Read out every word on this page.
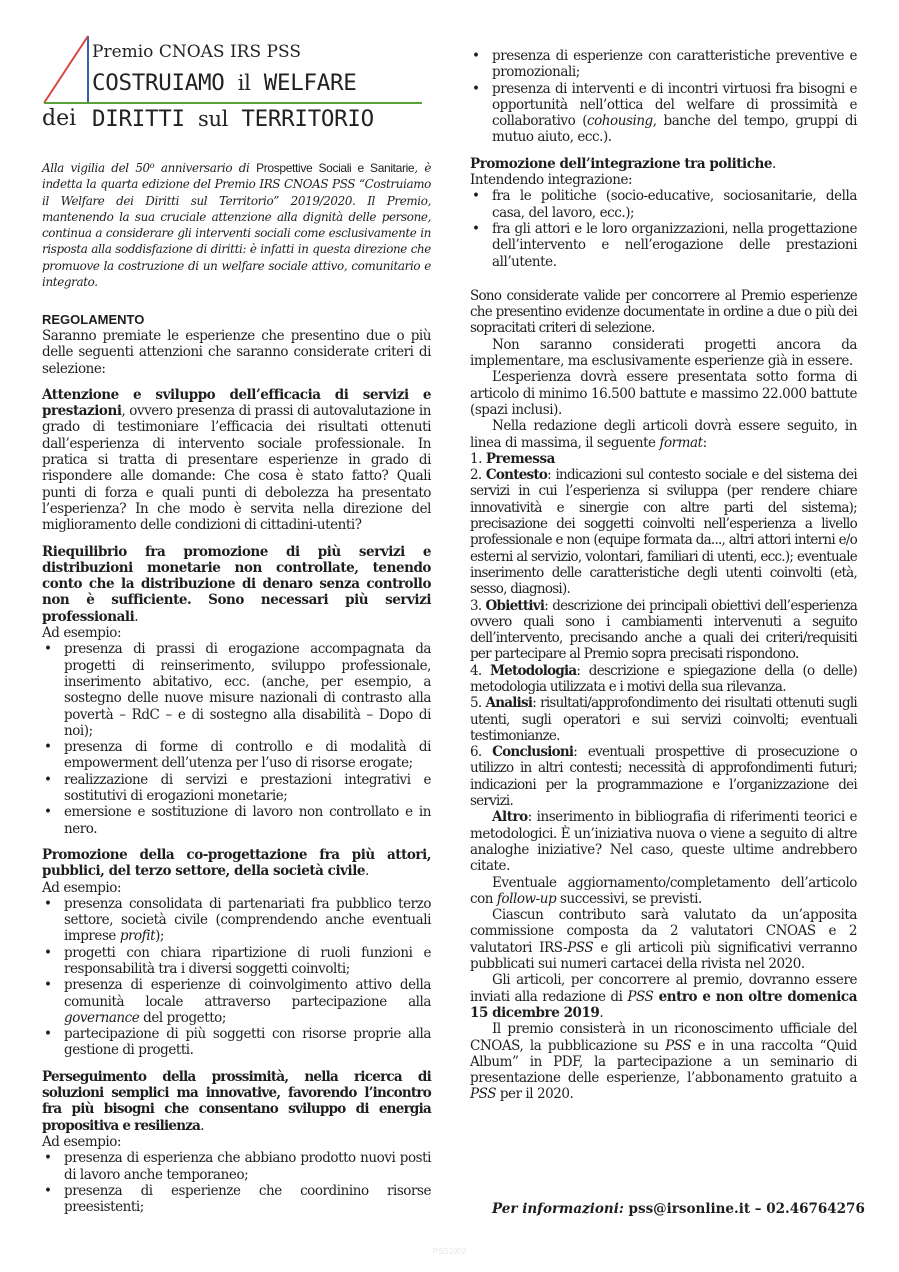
Premio CNOAS IRS PSS
COSTRUIAMO il WELFARE
dei DIRITTI sul TERRITORIO

Alla vigilia del 50$^o$ anniversario di Prospettive Sociali e Sanitarie, è indetta la quarta edizione del Premio IRS CNOAS PSS “Costruiamo il Welfare dei Diritti sul Territorio” 2019/2020. Il Premio, mantenendo la sua cruciale attenzione alla dignità delle persone, continua a considerare gli interventi sociali come esclusivamente in risposta alla soddisfazione di diritti: è infatti in questa direzione che promuove la costruzione di un welfare sociale attivo, comunitario e integrato.

REGOLAMENTO

Saranno premiate le esperienze che presentino due o più delle seguenti attenzioni che saranno considerate criteri di selezione:

Attenzione e sviluppo dell’efficacia di servizi e prestazioni, ovvero presenza di prassi di autovalutazione in grado di testimoniare l’efficacia dei risultati ottenuti dall’esperienza di intervento sociale professionale. In pratica si tratta di presentare esperienze in grado di rispondere alle domande: Che cosa è stato fatto? Quali punti di forza e quali punti di debolezza ha presentato l’esperienza? In che modo è servita nella direzione del miglioramento delle condizioni di cittadini-utenti?

Riequilibrio fra promozione di più servizi e distribuzioni monetarie non controllate, tenendo conto che la distribuzione di denaro senza controllo non è sufficiente. Sono necessari più servizi professionali.

Ad esempio:

• presenza di prassi di erogazione accompagnata da progetti di reinserimento, sviluppo professionale, inserimento abitativo, ecc. (anche, per esempio, a sostegno delle nuove misure nazionali di contrasto alla povertà – RdC – e di sostegno alla disabilità – Dopo di noi);
• presenza di forme di controllo e di modalità di empowerment dell’utenza per l’uso di risorse erogate;
• realizzazione di servizi e prestazioni integrativi e sostitutivi di erogazioni monetarie;
• emersione e sostituzione di lavoro non controllato e in nero.

Promozione della co-progettazione fra più attori, pubblici, del terzo settore, della società civile.

Ad esempio:

• presenza consolidata di partenariati fra pubblico terzo settore, società civile (comprendendo anche eventuali imprese profit);
• progetti con chiara ripartizione di ruoli funzioni e responsabilità tra i diversi soggetti coinvolti;
• presenza di esperienze di coinvolgimento attivo della comunità locale attraverso partecipazione alla governance del progetto;
• partecipazione di più soggetti con risorse proprie alla gestione di progetti.

Perseguimento della prossimità, nella ricerca di soluzioni semplici ma innovative, favorendo l’incontro fra più bisogni che consentano sviluppo di energia propositiva e resilienza.

Ad esempio:

• presenza di esperienza che abbiano prodotto nuovi posti di lavoro anche temporaneo;
• presenza di esperienze che coordinino risorse preesistenti;
• presenza di esperienze con caratteristiche preventive e promozionali;
• presenza di interventi e di incontri virtuosi fra bisogni e opportunità nell’ottica del welfare di prossimità e collaborativo (cohousing, banche del tempo, gruppi di mutuo aiuto, ecc.).

Promozione dell’integrazione tra politiche.

Intendendo integrazione:

• fra le politiche (socio-educative, sociosanitarie, della casa, del lavoro, ecc.);
• fra gli attori e le loro organizzazioni, nella progettazione dell’intervento e nell’erogazione delle prestazioni all’utente.

Sono considerate valide per concorrere al Premio esperienze che presentino evidenze documentate in ordine a due o più dei sopracitati criteri di selezione.

Non saranno considerati progetti ancora da implementare, ma esclusivamente esperienze già in essere.

L’esperienza dovrà essere presentata sotto forma di articolo di minimo 16.500 battute e massimo 22.000 battute (spazi inclusi).

Nella redazione degli articoli dovrà essere seguito, in linea di massima, il seguente format:

1. Premessa

2. Contesto: indicazioni sul contesto sociale e del sistema dei servizi in cui l’esperienza si sviluppa (per rendere chiare innovatività e sinergie con altre parti del sistema); precisazione dei soggetti coinvolti nell’esperienza a livello professionale e non (equipe formata da..., altri attori interni e/o esterni al servizio, volontari, familiari di utenti, ecc.); eventuale inserimento delle caratteristiche degli utenti coinvolti (età, sesso, diagnosi).

3. Obiettivi: descrizione dei principali obiettivi dell’esperienza ovvero quali sono i cambiamenti intervenuti a seguito dell’intervento, precisando anche a quali dei criteri/requisiti per partecipare al Premio sopra precisati rispondono.

4. Metodologia: descrizione e spiegazione della (o delle) metodologia utilizzata e i motivi della sua rilevanza.

5. Analisi: risultati/approfondimento dei risultati ottenuti sugli utenti, sugli operatori e sui servizi coinvolti; eventuali testimonianze.

6. Conclusioni: eventuali prospettive di prosecuzione o utilizzo in altri contesti; necessità di approfondimenti futuri; indicazioni per la programmazione e l’organizzazione dei servizi.

Altro: inserimento in bibliografia di riferimenti teorici e metodologici. È un’iniziativa nuova o viene a seguito di altre analoghe iniziative? Nel caso, queste ultime andrebbero citate.

Eventuale aggiornamento/completamento dell’articolo con follow-up successivi, se previsti.

Ciascun contributo sarà valutato da un’apposita commissione composta da 2 valutatori CNOAS e 2 valutatori IRS-PSS e gli articoli più significativi verranno pubblicati sui numeri cartacei della rivista nel 2020.

Gli articoli, per concorrere al premio, dovranno essere inviati alla redazione di PSS entro e non oltre domenica 15 dicembre 2019.

Il premio consisterà in un riconoscimento ufficiale del CNOAS, la pubblicazione su PSS e in una raccolta “Quid Album” in PDF, la partecipazione a un seminario di presentazione delle esperienze, l’abbonamento gratuito a PSS per il 2020.

Per informazioni: pss@irsonline.it – 02.46764276
PSS1902
